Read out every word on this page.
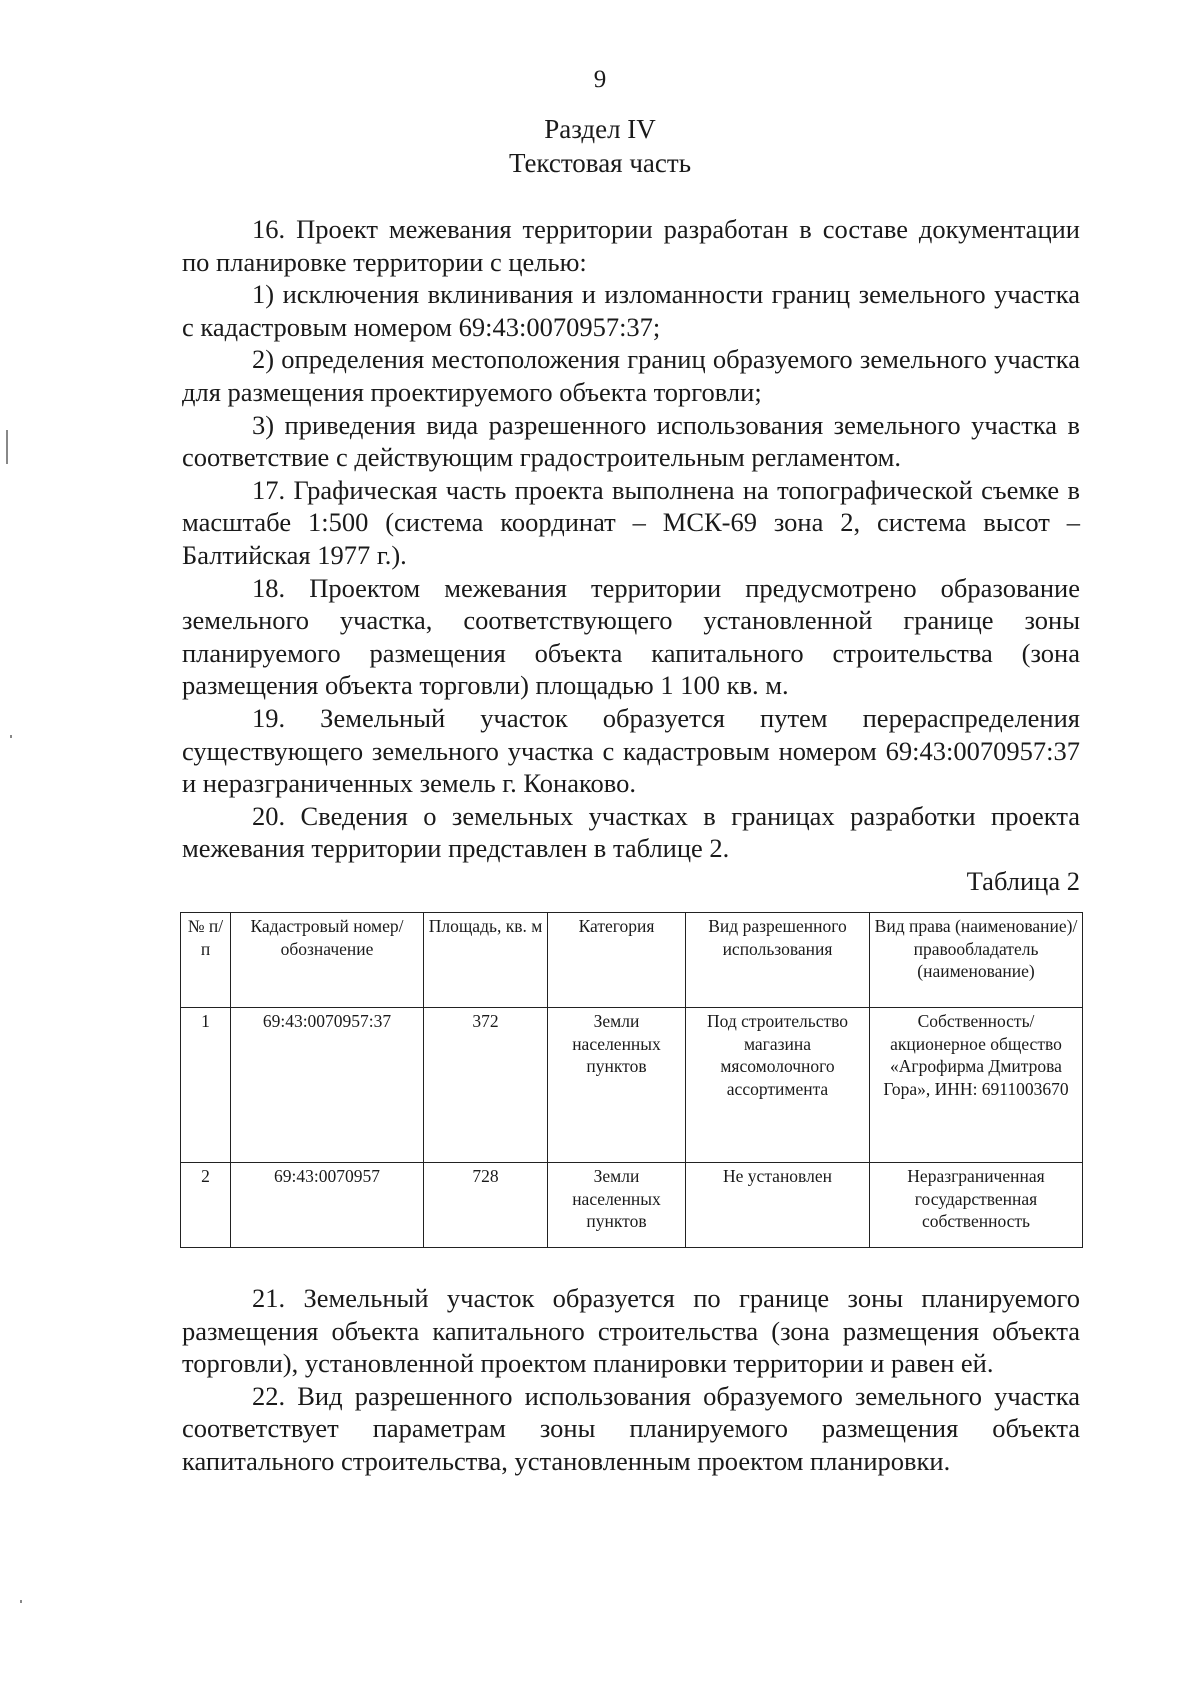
9
Раздел IV
Текстовая часть

16. Проект межевания территории разработан в составе документации по планировке территории с целью:

1) исключения вклинивания и изломанности границ земельного участка с кадастровым номером 69:43:0070957:37;

2) определения местоположения границ образуемого земельного участка для размещения проектируемого объекта торговли;

3) приведения вида разрешенного использования земельного участка в соответствие с действующим градостроительным регламентом.

17. Графическая часть проекта выполнена на топографической съемке в масштабе 1:500 (система координат – МСК-69 зона 2, система высот – Балтийская 1977 г.).

18. Проектом межевания территории предусмотрено образование земельного участка, соответствующего установленной границе зоны планируемого размещения объекта капитального строительства (зона размещения объекта торговли) площадью 1 100 кв. м.

19. Земельный участок образуется путем перераспределения существующего земельного участка с кадастровым номером 69:43:0070957:37 и неразграниченных земель г. Конаково.

20. Сведения о земельных участках в границах разработки проекта межевания территории представлен в таблице 2.

Таблица 2
№ п/п	Кадастровый номер/ обозначение	Площадь, кв. м	Категория	Вид разрешенного использования	Вид права (наименование)/ правообладатель (наименование)
1	69:43:0070957:37	372	Земли населенных пунктов	Под строительство магазина мясомолочного ассортимента	Собственность/ акционерное общество «Агрофирма Дмитрова Гора», ИНН: 6911003670
2	69:43:0070957	728	Земли населенных пунктов	Не установлен	Неразграниченная государственная собственность

21. Земельный участок образуется по границе зоны планируемого размещения объекта капитального строительства (зона размещения объекта торговли), установленной проектом планировки территории и равен ей.

22. Вид разрешенного использования образуемого земельного участка соответствует параметрам зоны планируемого размещения объекта капитального строительства, установленным проектом планировки.
